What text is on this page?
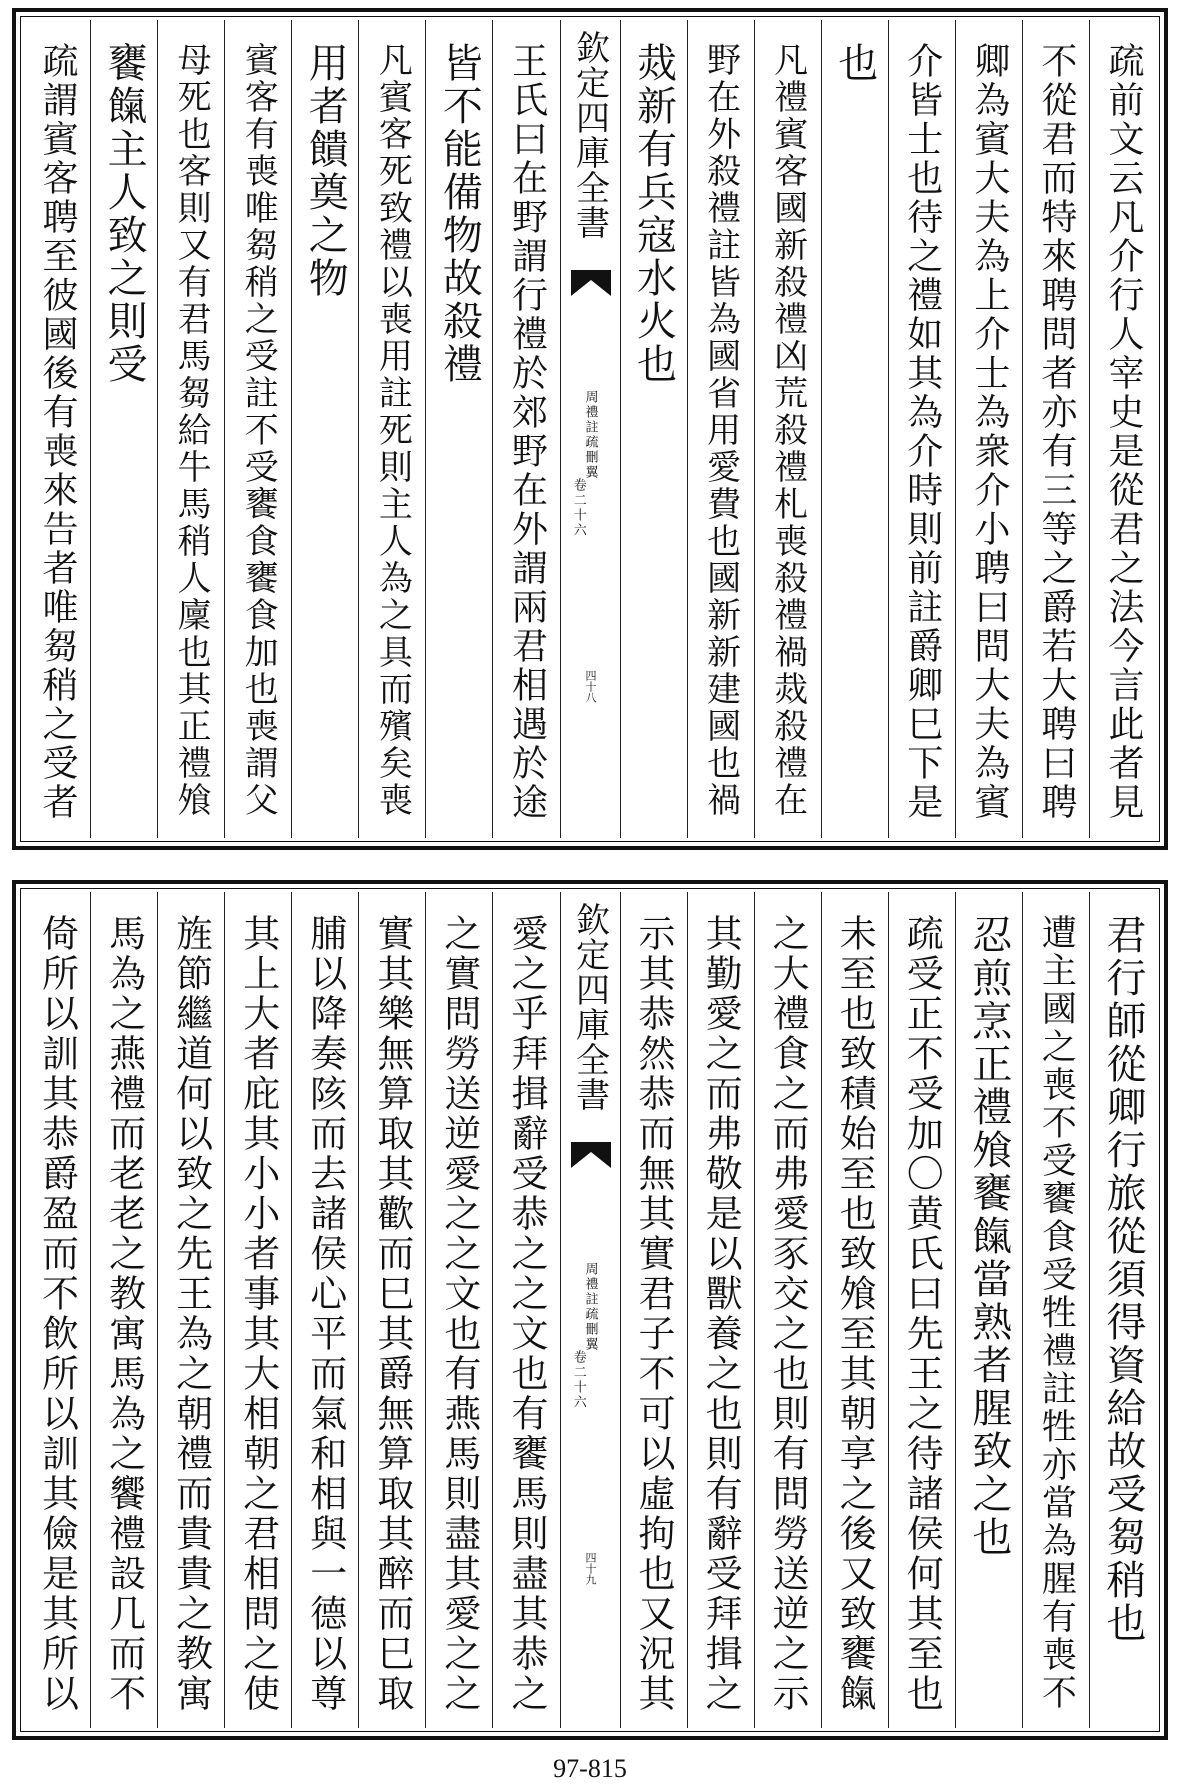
疏前文云凡介行人宰史是從君之法今言此者見
不從君而特來聘問者亦有三等之爵若大聘曰聘
卿為賓大夫為上介士為衆介小聘曰問大夫為賓
介皆士也待之禮如其為介時則前註爵卿巳下是
也
凡禮賓客國新殺禮凶荒殺禮札喪殺禮禍烖殺禮在
野在外殺禮註皆為國省用愛費也國新新建國也禍
烖新有兵寇水火也
欽定四庫全書
周禮註疏刪翼
卷二十六
四十八
王氏曰在野謂行禮於郊野在外謂兩君相遇於途
皆不能備物故殺禮
凡賓客死致禮以喪用註死則主人為之具而殯矣喪
用者饋奠之物
賓客有喪唯芻稍之受註不受饔食饔食加也喪謂父
母死也客則又有君馬芻給牛馬稍人廩也其正禮飧
饔餼主人致之則受
疏謂賓客聘至彼國後有喪來告者唯芻稍之受者
君行師從卿行旅從須得資給故受芻稍也
遭主國之喪不受饔食受牲禮註牲亦當為腥有喪不
忍煎烹正禮飧饔餼當熟者腥致之也
疏受正不受加〇黄氏曰先王之待諸侯何其至也
未至也致積始至也致飧至其朝享之後又致饔餼
之大禮食之而弗愛豕交之也則有問勞送逆之示
其勤愛之而弗敬是以獸養之也則有辭受拜揖之
示其恭然恭而無其實君子不可以虛拘也又況其
欽定四庫全書
周禮註疏刪翼
卷二十六
四十九
愛之乎拜揖辭受恭之之文也有饔馬則盡其恭之
之實問勞送逆愛之之文也有燕馬則盡其愛之之
實其樂無算取其歡而巳其爵無算取其醉而巳取
脯以降奏陔而去諸侯心平而氣和相與一德以尊
其上大者庇其小小者事其大相朝之君相問之使
旌節繼道何以致之先王為之朝禮而貴貴之教寓
馬為之燕禮而老老之教寓馬為之饗禮設几而不
倚所以訓其恭爵盈而不飲所以訓其儉是其所以
97-815
